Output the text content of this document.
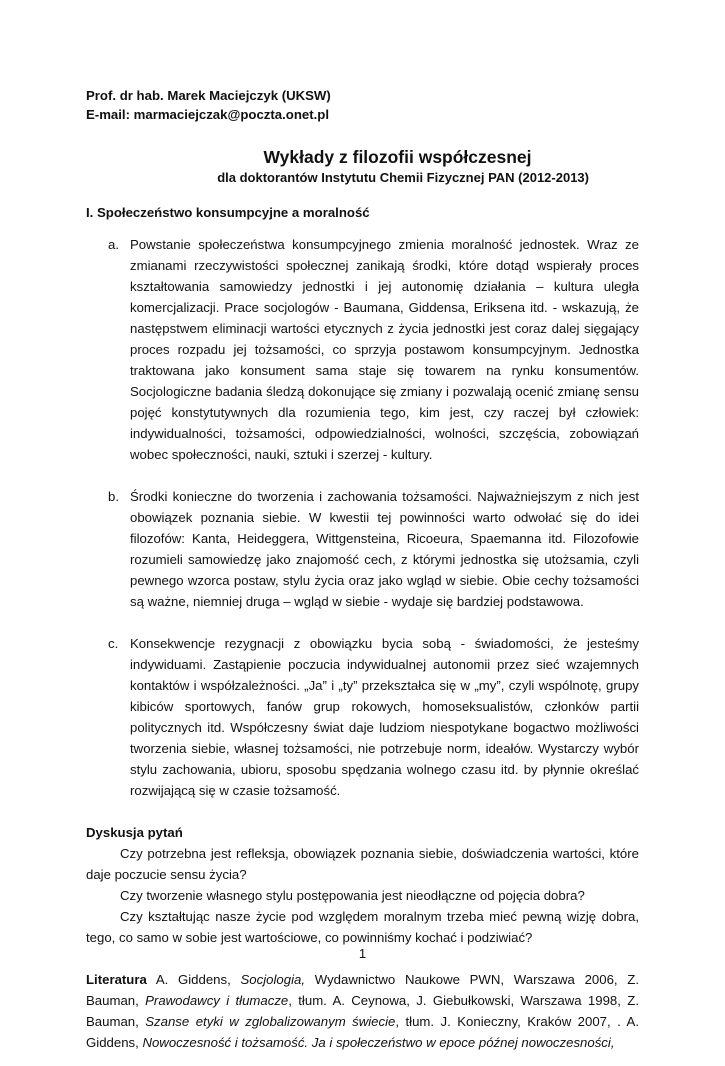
Prof. dr hab. Marek Maciejczyk (UKSW)

E-mail: marmaciejczak@poczta.onet.pl

Wykłady z filozofii współczesnej

dla doktorantów Instytutu Chemii Fizycznej PAN (2012-2013)

I. Społeczeństwo konsumpcyjne a moralność

a. Powstanie społeczeństwa konsumpcyjnego zmienia moralność jednostek. Wraz ze zmianami rzeczywistości społecznej zanikają środki, które dotąd wspierały proces kształtowania samowiedzy jednostki i jej autonomię działania – kultura uległa komercjalizacji. Prace socjologów - Baumana, Giddensa, Eriksena itd. - wskazują, że następstwem eliminacji wartości etycznych z życia jednostki jest coraz dalej sięgający proces rozpadu jej tożsamości, co sprzyja postawom konsumpcyjnym. Jednostka traktowana jako konsument sama staje się towarem na rynku konsumentów. Socjologiczne badania śledzą dokonujące się zmiany i pozwalają ocenić zmianę sensu pojęć konstytutywnych dla rozumienia tego, kim jest, czy raczej był człowiek: indywidualności, tożsamości, odpowiedzialności, wolności, szczęścia, zobowiązań wobec społeczności, nauki, sztuki i szerzej - kultury.
b. Środki konieczne do tworzenia i zachowania tożsamości. Najważniejszym z nich jest obowiązek poznania siebie. W kwestii tej powinności warto odwołać się do idei filozofów: Kanta, Heideggera, Wittgensteina, Ricoeura, Spaemanna itd. Filozofowie rozumieli samowiedzę jako znajomość cech, z którymi jednostka się utożsamia, czyli pewnego wzorca postaw, stylu życia oraz jako wgląd w siebie. Obie cechy tożsamości są ważne, niemniej druga – wgląd w siebie - wydaje się bardziej podstawowa.
c. Konsekwencje rezygnacji z obowiązku bycia sobą - świadomości, że jesteśmy indywiduami. Zastąpienie poczucia indywidualnej autonomii przez sieć wzajemnych kontaktów i współzależności. „Ja” i „ty” przekształca się w „my”, czyli wspólnotę, grupy kibiców sportowych, fanów grup rokowych, homoseksualistów, członków partii politycznych itd. Współczesny świat daje ludziom niespotykane bogactwo możliwości tworzenia siebie, własnej tożsamości, nie potrzebuje norm, ideałów. Wystarczy wybór stylu zachowania, ubioru, sposobu spędzania wolnego czasu itd. by płynnie określać rozwijającą się w czasie tożsamość.

Dyskusja pytań

Czy potrzebna jest refleksja, obowiązek poznania siebie, doświadczenia wartości, które daje poczucie sensu życia?

Czy tworzenie własnego stylu postępowania jest nieodłączne od pojęcia dobra?

Czy kształtując nasze życie pod względem moralnym trzeba mieć pewną wizję dobra, tego, co samo w sobie jest wartościowe, co powinniśmy kochać i podziwiać?

Literatura A. Giddens, Socjologia, Wydawnictwo Naukowe PWN, Warszawa 2006, Z. Bauman, Prawodawcy i tłumacze, tłum. A. Ceynowa, J. Giebułkowski, Warszawa 1998, Z. Bauman, Szanse etyki w zglobalizowanym świecie, tłum. J. Konieczny, Kraków 2007, . A. Giddens, Nowoczesność i tożsamość. Ja i społeczeństwo w epoce późnej nowoczesności,

1
